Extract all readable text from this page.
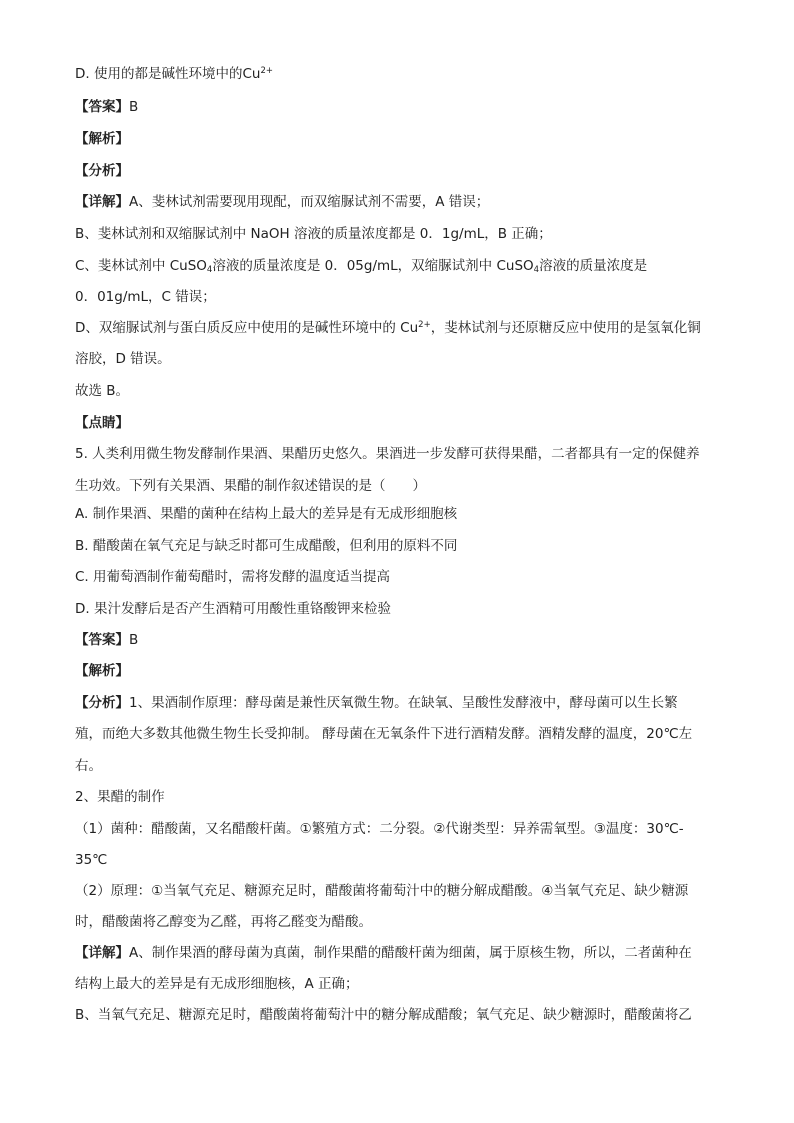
D. 使用的都是碱性环境中的$Cu^{2+}$
【答案】B
【解析】
【分析】
【详解】A、斐林试剂需要现用现配，而双缩脲试剂不需要，A 错误；
B、斐林试剂和双缩脲试剂中 NaOH 溶液的质量浓度都是 0．1g/mL，B 正确；
C、斐林试剂中 CuSO$_4$溶液的质量浓度是 0．05g/mL，双缩脲试剂中 CuSO$_4$溶液的质量浓度是
0．01g/mL，C 错误；
D、双缩脲试剂与蛋白质反应中使用的是碱性环境中的 $Cu^{2+}$，斐林试剂与还原糖反应中使用的是氢氧化铜
溶胶，D 错误。
故选 B。
【点睛】
5. 人类利用微生物发酵制作果酒、果醋历史悠久。果酒进一步发酵可获得果醋，二者都具有一定的保健养
生功效。下列有关果酒、果醋的制作叙述错误的是（　　）
A. 制作果酒、果醋的菌种在结构上最大的差异是有无成形细胞核
B. 醋酸菌在氧气充足与缺乏时都可生成醋酸，但利用的原料不同
C. 用葡萄酒制作葡萄醋时，需将发酵的温度适当提高
D. 果汁发酵后是否产生酒精可用酸性重铬酸钾来检验
【答案】B
【解析】
【分析】1、果酒制作原理：酵母菌是兼性厌氧微生物。在缺氧、呈酸性发酵液中，酵母菌可以生长繁
殖，而绝大多数其他微生物生长受抑制。 酵母菌在无氧条件下进行酒精发酵。酒精发酵的温度，20℃左
右。
2、果醋的制作
（1）菌种：醋酸菌，又名醋酸杆菌。①繁殖方式：二分裂。②代谢类型：异养需氧型。③温度：30℃-
35℃
（2）原理：①当氧气充足、糖源充足时，醋酸菌将葡萄汁中的糖分解成醋酸。④当氧气充足、缺少糖源
时，醋酸菌将乙醇变为乙醛，再将乙醛变为醋酸。
【详解】A、制作果酒的酵母菌为真菌，制作果醋的醋酸杆菌为细菌，属于原核生物，所以，二者菌种在
结构上最大的差异是有无成形细胞核，A 正确；
B、当氧气充足、糖源充足时，醋酸菌将葡萄汁中的糖分解成醋酸；氧气充足、缺少糖源时，醋酸菌将乙
